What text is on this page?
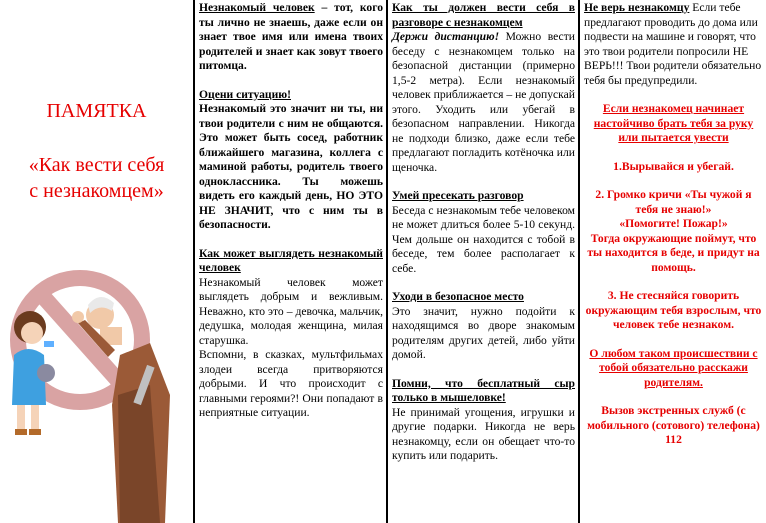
ПАМЯТКА
«Как вести себя
с незнакомцем»

Незнакомый человек – тот, кого ты лично не знаешь, даже если он знает твое имя или имена твоих родителей и знает как зовут твоего питомца.

Оцени ситуацию!

Незнакомый это значит ни ты, ни твои родители с ним не общаются. Это может быть сосед, работник ближайшего магазина, коллега с маминой работы, родитель твоего одноклассника. Ты можешь видеть его каждый день, НО ЭТО НЕ ЗНАЧИТ, что с ним ты в безопасности.

Как может выглядеть незнакомый человек

Незнакомый человек может выглядеть добрым и вежливым. Неважно, кто это – девочка, мальчик, дедушка, молодая женщина, милая старушка.

Вспомни, в сказках, мультфильмах злодеи всегда притворяются добрыми. И что происходит с главными героями?! Они попадают в неприятные ситуации.

Как ты должен вести себя в разговоре с незнакомцем

Держи дистанцию! Можно вести беседу с незнакомцем только на безопасной дистанции (примерно 1,5-2 метра). Если незнакомый человек приближается – не допускай этого. Уходить или убегай в безопасном направлении. Никогда не подходи близко, даже если тебе предлагают погладить котёночка или щеночка.

Умей пресекать разговор

Беседа с незнакомым тебе человеком не может длиться более 5-10 секунд. Чем дольше он находится с тобой в беседе, тем более располагает к себе.

Уходи в безопасное место

Это значит, нужно подойти к находящимся во дворе знакомым родителям других детей, либо уйти домой.

Помни, что бесплатный сыр только в мышеловке!

Не принимай угощения, игрушки и другие подарки. Никогда не верь незнакомцу, если он обещает что-то купить или подарить.

Не верь незнакомцу Если тебе предлагают проводить до дома или подвести на машине и говорят, что это твои родители попросили НЕ ВЕРЬ!!! Твои родители обязательно тебя бы предупредили.

Если незнакомец начинает настойчиво брать тебя за руку или пытается увести

1.Вырывайся и убегай.

2. Громко кричи «Ты чужой я тебя не знаю!»

«Помогите! Пожар!»

Тогда окружающие поймут, что ты находится в беде, и придут на помощь.

3. Не стесняйся говорить окружающим тебя взрослым, что человек тебе незнаком.

О любом таком происшествии с тобой обязательно расскажи родителям.

Вызов экстренных служб (с мобильного (сотового) телефона)

112
